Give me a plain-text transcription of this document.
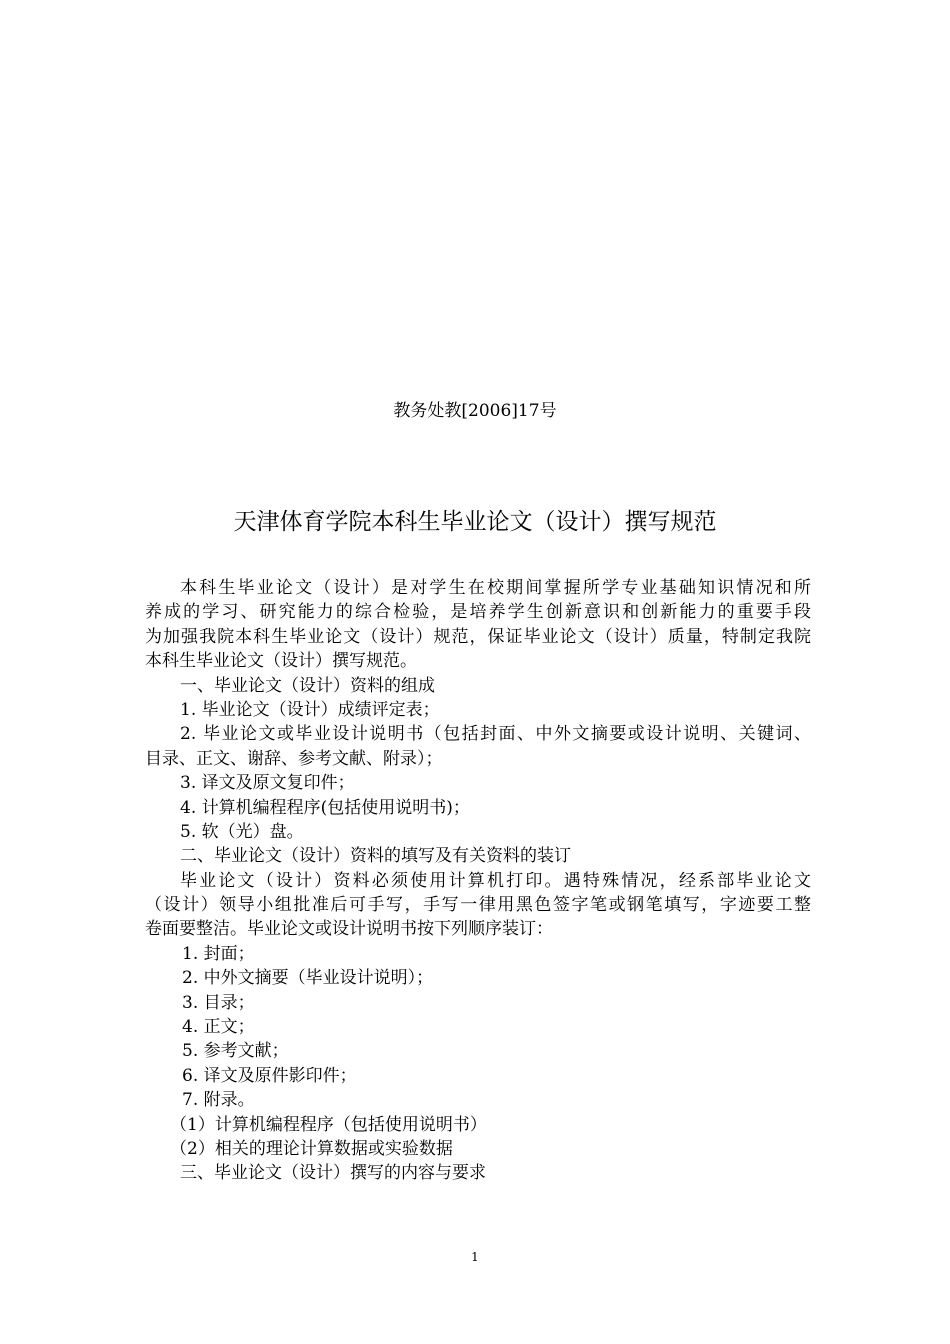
教务处教[2006]17号
天津体育学院本科生毕业论文（设计）撰写规范
本科生毕业论文（设计）是对学生在校期间掌握所学专业基础知识情况和所
养成的学习、研究能力的综合检验，是培养学生创新意识和创新能力的重要手段
为加强我院本科生毕业论文（设计）规范，保证毕业论文（设计）质量，特制定我院
本科生毕业论文（设计）撰写规范。
一、毕业论文（设计）资料的组成
1. 毕业论文（设计）成绩评定表；
2. 毕业论文或毕业设计说明书（包括封面、中外文摘要或设计说明、关键词、
目录、正文、谢辞、参考文献、附录）；
3. 译文及原文复印件；
4. 计算机编程程序(包括使用说明书)；
5. 软（光）盘。
二、毕业论文（设计）资料的填写及有关资料的装订
毕业论文（设计）资料必须使用计算机打印。遇特殊情况，经系部毕业论文
（设计）领导小组批准后可手写，手写一律用黑色签字笔或钢笔填写，字迹要工整
卷面要整洁。毕业论文或设计说明书按下列顺序装订：
1. 封面；
2. 中外文摘要（毕业设计说明）；
3. 目录；
4. 正文；
5. 参考文献；
6. 译文及原件影印件；
7. 附录。
（1）计算机编程程序（包括使用说明书）
（2）相关的理论计算数据或实验数据
三、毕业论文（设计）撰写的内容与要求
1
